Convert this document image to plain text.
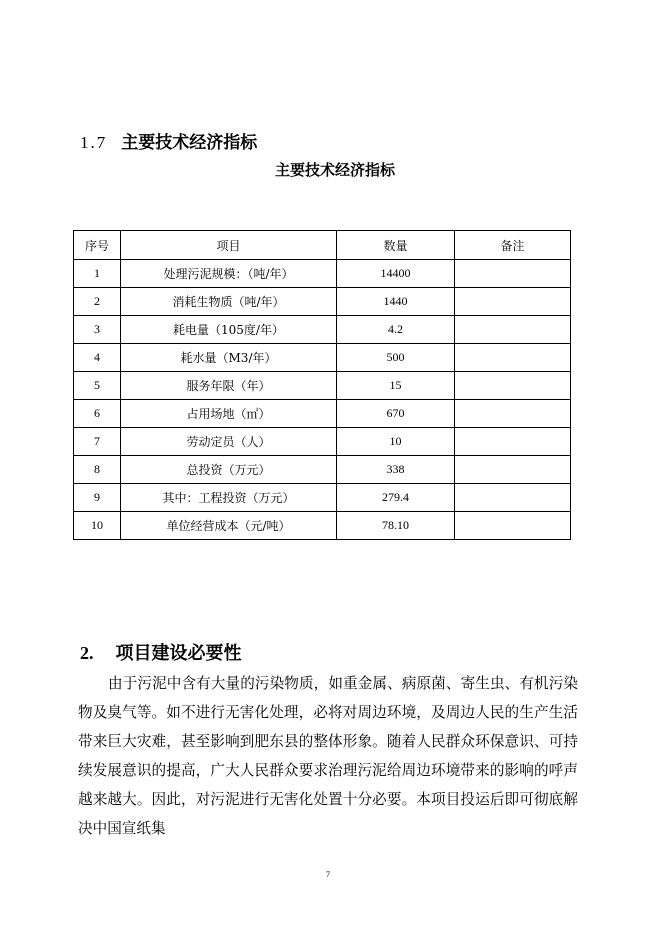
1.7 主要技术经济指标
主要技术经济指标
序号	项目	数量	备注
1	处理污泥规模：（吨/年）	14400	
2	消耗生物质（吨/年）	1440	
3	耗电量（105度/年）	4.2	
4	耗水量（M3/年）	500	
5	服务年限（年）	15	
6	占用场地（㎡）	670	
7	劳动定员（人）	10	
8	总投资（万元）	338	
9	其中：工程投资（万元）	279.4	
10	单位经营成本（元/吨）	78.10	
2. 项目建设必要性

由于污泥中含有大量的污染物质，如重金属、病原菌、寄生虫、有机污染物及臭气等。如不进行无害化处理，必将对周边环境，及周边人民的生产生活带来巨大灾难，甚至影响到肥东县的整体形象。随着人民群众环保意识、可持续发展意识的提高，广大人民群众要求治理污泥给周边环境带来的影响的呼声越来越大。因此，对污泥进行无害化处置十分必要。本项目投运后即可彻底解决中国宣纸集

7
